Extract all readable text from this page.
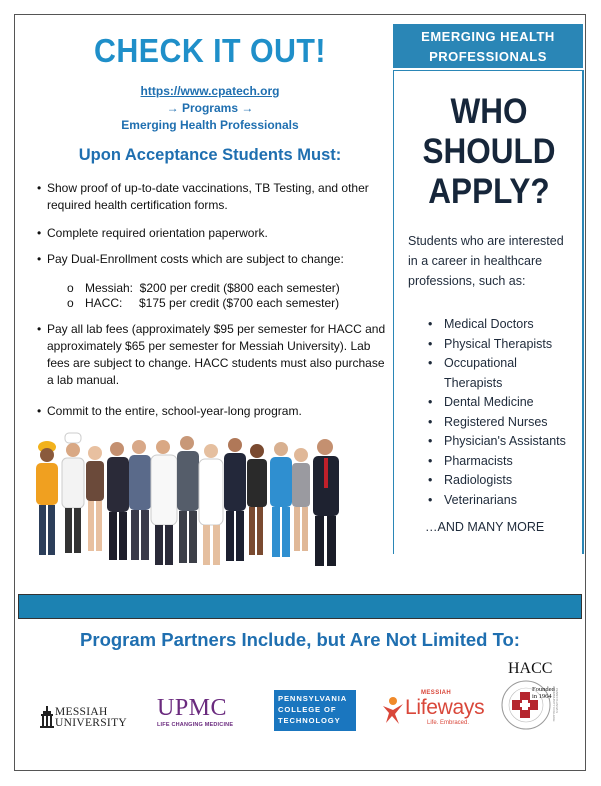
CHECK IT OUT!
https://www.cpatech.org
→ Programs →
Emerging Health Professionals
Upon Acceptance Students Must:
• Show proof of up-to-date vaccinations, TB Testing, and other required health certification forms.
• Complete required orientation paperwork.
• Pay Dual-Enrollment costs which are subject to change:
o Messiah:  $200 per credit ($800 each semester)
o HACC:     $175 per credit ($700 each semester)
• Pay all lab fees (approximately $95 per semester for HACC and approximately $65 per semester for Messiah University). Lab fees are subject to change. HACC students must also purchase a lab manual.
• Commit to the entire, school-year-long program.
EMERGING HEALTH
PROFESSIONALS
WHO
SHOULD
APPLY?
Students who are interested in a career in healthcare professions, such as:
• Medical Doctors
• Physical Therapists
• Occupational Therapists
• Dental Medicine
• Registered Nurses
• Physician's Assistants
• Pharmacists
• Radiologists
• Veterinarians
…AND MANY MORE
Program Partners Include, but Are Not Limited To:
MESSIAH
UNIVERSITY
UPMC
LIFE CHANGING MEDICINE
PENNSYLVANIA
COLLEGE OF
TECHNOLOGY
MESSIAH
Lifeways
Life. Embraced.
HACC
Founded
in 1964	PENNSYLVANIA'S COMMUNITY COLLEGE
